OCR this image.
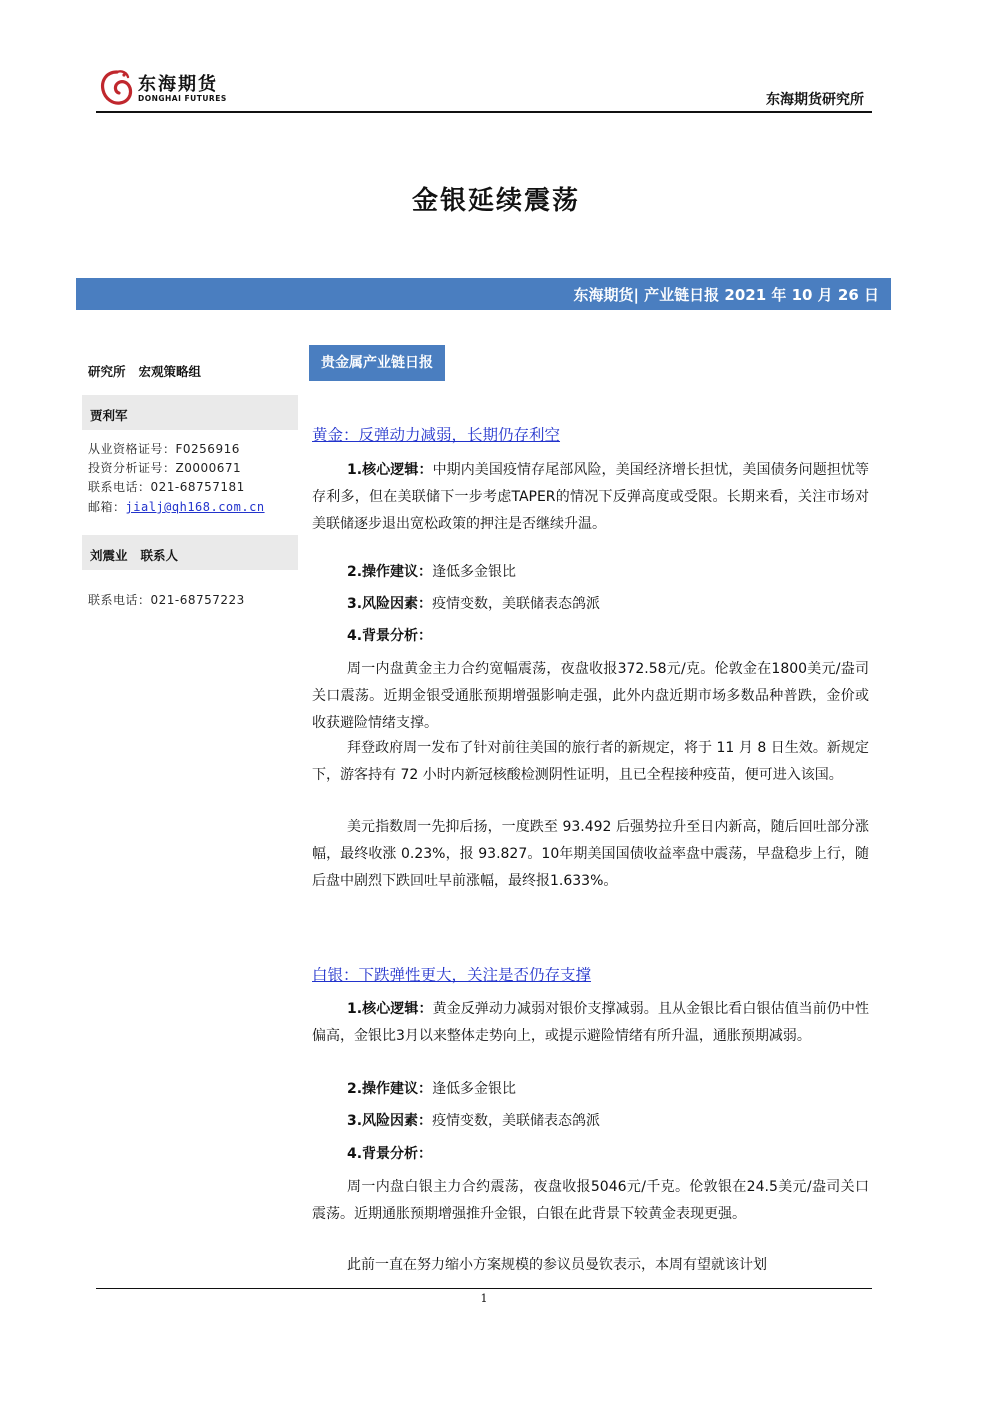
东海期货
DONGHAI FUTURES	东海期货研究所
金银延续震荡
东海期货| 产业链日报 2021 年 10 月 26 日
研究所   宏观策略组
贾利军
从业资格证号：F0256916
投资分析证号：Z0000671
联系电话：021-68757181
邮箱：jialj@qh168.com.cn
刘震业   联系人
联系电话：021-68757223
贵金属产业链日报
黄金：反弹动力减弱，长期仍存利空
1.核心逻辑：中期内美国疫情存尾部风险，美国经济增长担忧，美国债务问题担忧等存利多，但在美联储下一步考虑TAPER的情况下反弹高度或受限。长期来看，关注市场对美联储逐步退出宽松政策的押注是否继续升温。
2.操作建议：逢低多金银比
3.风险因素：疫情变数，美联储表态鸽派
4.背景分析：
周一内盘黄金主力合约宽幅震荡，夜盘收报372.58元/克。伦敦金在1800美元/盎司关口震荡。近期金银受通胀预期增强影响走强，此外内盘近期市场多数品种普跌，金价或收获避险情绪支撑。
拜登政府周一发布了针对前往美国的旅行者的新规定，将于 11 月 8 日生效。新规定下，游客持有 72 小时内新冠核酸检测阴性证明，且已全程接种疫苗，便可进入该国。
美元指数周一先抑后扬，一度跌至 93.492 后强势拉升至日内新高，随后回吐部分涨幅，最终收涨 0.23%，报 93.827。10年期美国国债收益率盘中震荡，早盘稳步上行，随后盘中剧烈下跌回吐早前涨幅，最终报1.633%。
白银：下跌弹性更大，关注是否仍存支撑
1.核心逻辑：黄金反弹动力减弱对银价支撑减弱。且从金银比看白银估值当前仍中性偏高，金银比3月以来整体走势向上，或提示避险情绪有所升温，通胀预期减弱。
2.操作建议：逢低多金银比
3.风险因素：疫情变数，美联储表态鸽派
4.背景分析：
周一内盘白银主力合约震荡，夜盘收报5046元/千克。伦敦银在24.5美元/盎司关口震荡。近期通胀预期增强推升金银，白银在此背景下较黄金表现更强。
此前一直在努力缩小方案规模的参议员曼钦表示，本周有望就该计划
1
